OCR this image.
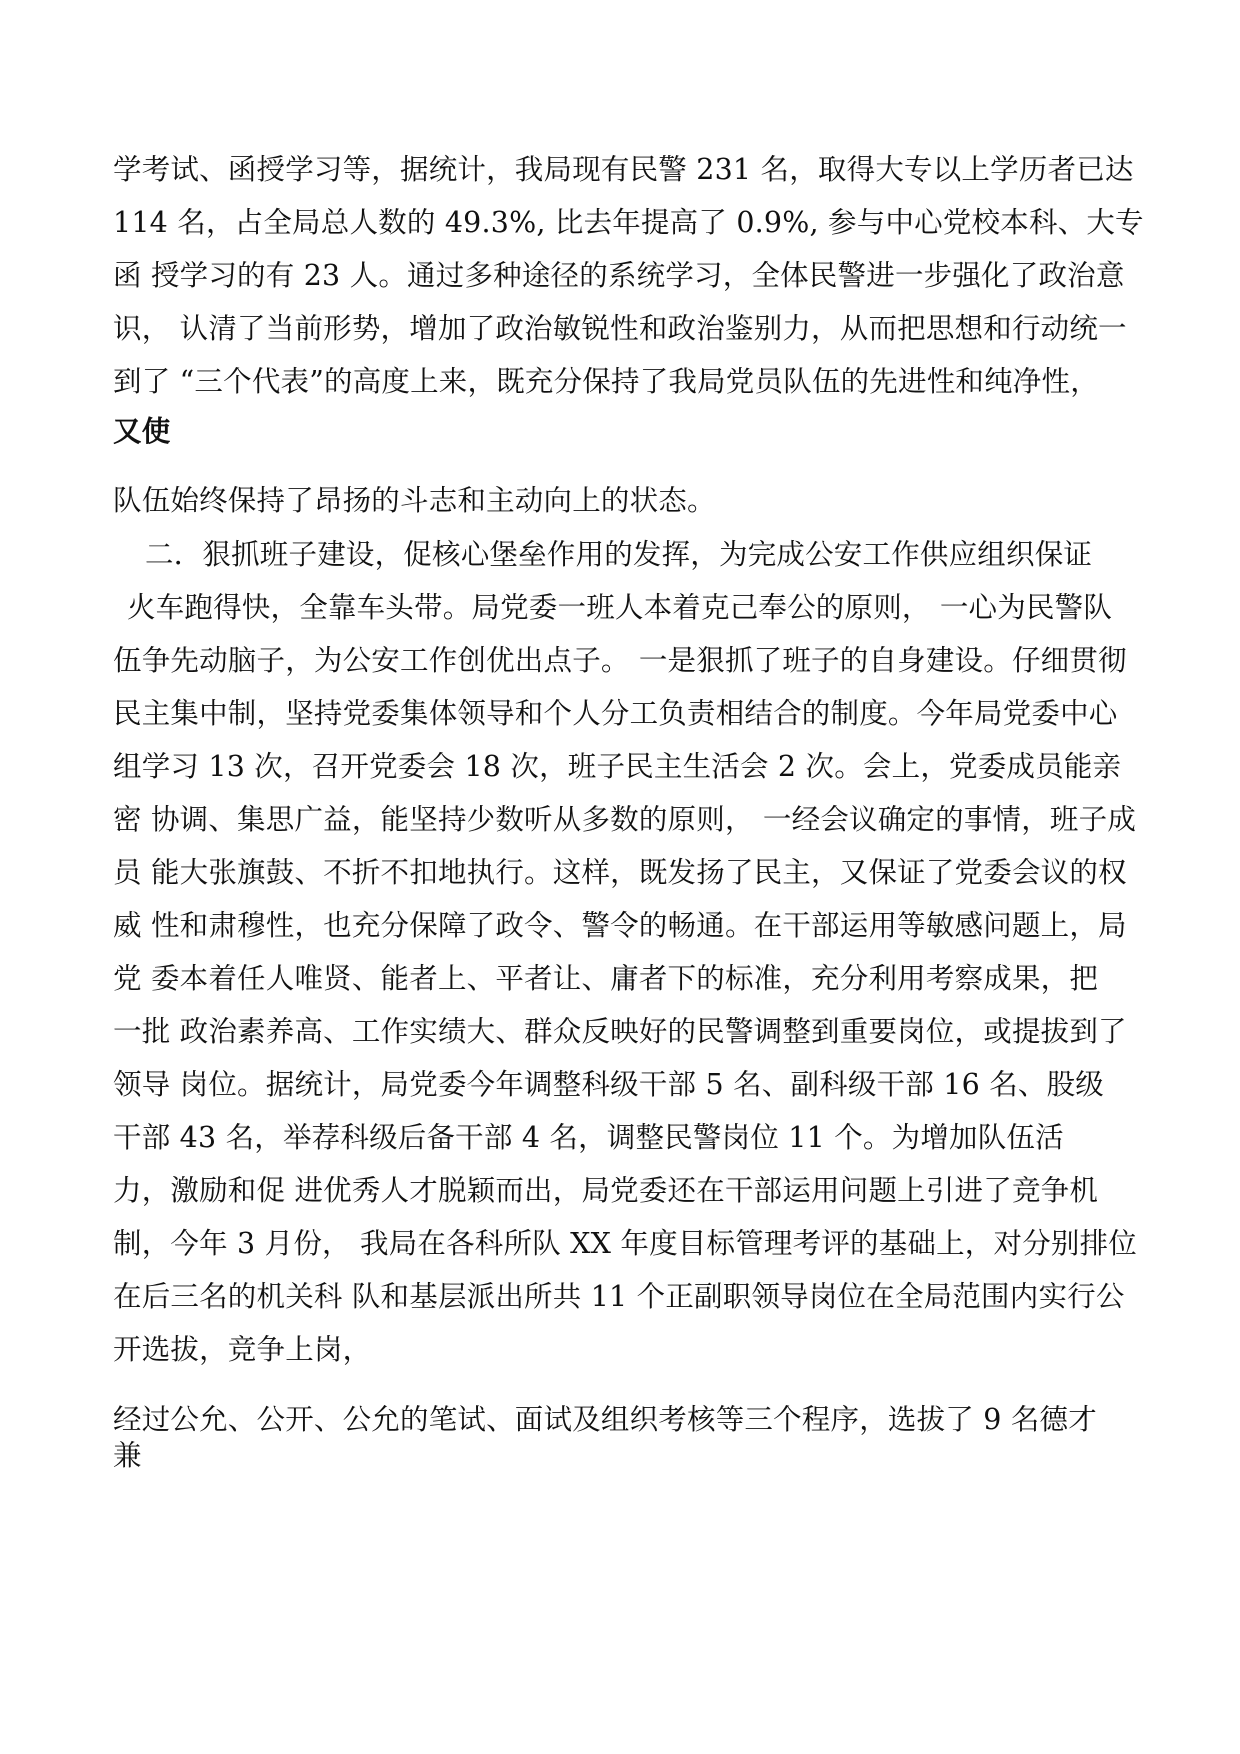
学考试、函授学习等，据统计，我局现有民警 231 名，取得大专以上学历者已达
114 名，占全局总人数的 49.3%, 比去年提高了 0.9%, 参与中心党校本科、大专
函 授学习的有 23 人。通过多种途径的系统学习，全体民警进一步强化了政治意
识， 认清了当前形势，增加了政治敏锐性和政治鉴别力，从而把思想和行动统一
到了 “三个代表”的高度上来，既充分保持了我局党员队伍的先进性和纯净性，
又使
队伍始终保持了昂扬的斗志和主动向上的状态。
二．狠抓班子建设，促核心堡垒作用的发挥，为完成公安工作供应组织保证
火车跑得快，全靠车头带。局党委一班人本着克己奉公的原则， 一心为民警队
伍争先动脑子，为公安工作创优出点子。 一是狠抓了班子的自身建设。仔细贯彻
民主集中制，坚持党委集体领导和个人分工负责相结合的制度。今年局党委中心
组学习 13 次，召开党委会 18 次，班子民主生活会 2 次。会上，党委成员能亲
密 协调、集思广益，能坚持少数听从多数的原则， 一经会议确定的事情，班子成
员 能大张旗鼓、不折不扣地执行。这样，既发扬了民主，又保证了党委会议的权
威 性和肃穆性，也充分保障了政令、警令的畅通。在干部运用等敏感问题上，局
党 委本着任人唯贤、能者上、平者让、庸者下的标准，充分利用考察成果，把
一批 政治素养高、工作实绩大、群众反映好的民警调整到重要岗位，或提拔到了
领导 岗位。据统计，局党委今年调整科级干部 5 名、副科级干部 16 名、股级
干部 43 名，举荐科级后备干部 4 名，调整民警岗位 11 个。为增加队伍活
力，激励和促 进优秀人才脱颖而出，局党委还在干部运用问题上引进了竞争机
制，今年 3 月份， 我局在各科所队 XX 年度目标管理考评的基础上，对分别排位
在后三名的机关科 队和基层派出所共 11 个正副职领导岗位在全局范围内实行公
开选拔，竞争上岗，
经过公允、公开、公允的笔试、面试及组织考核等三个程序，选拔了 9 名德才
兼
